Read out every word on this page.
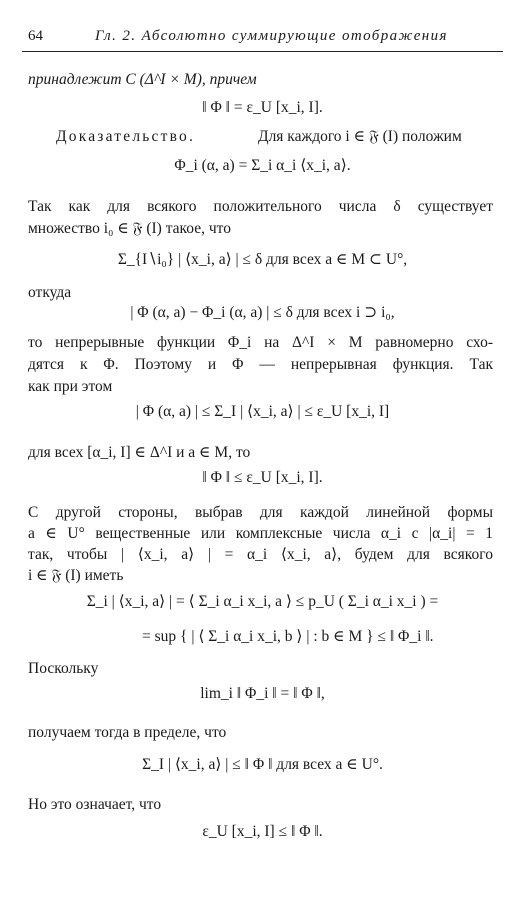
64	Гл. 2. Абсолютно суммирующие отображения
принадлежит C (Δ^I × M), причем
‖ Φ ‖ = ε_U [x_i, I].
Доказательство.	Для каждого i ∈ 𝔉 (I) положим
Φ_i (α, a) = Σ_i α_i ⟨x_i, a⟩.
Так как для всякого положительного числа δ существует
множество i₀ ∈ 𝔉 (I) такое, что
Σ_{I∖i₀} | ⟨x_i, a⟩ | ≤ δ для всех a ∈ M ⊂ U°,
откуда
| Φ (α, a) − Φ_i (α, a) | ≤ δ для всех i ⊃ i₀,
то непрерывные функции Φ_i на Δ^I × M равномерно схо-
дятся к Φ. Поэтому и Φ — непрерывная функция. Так
как при этом
| Φ (α, a) | ≤ Σ_I | ⟨x_i, a⟩ | ≤ ε_U [x_i, I]
для всех [α_i, I] ∈ Δ^I и a ∈ M, то
‖ Φ ‖ ≤ ε_U [x_i, I].
С другой стороны, выбрав для каждой линейной формы
a ∈ U° вещественные или комплексные числа α_i с |α_i| = 1
так, чтобы | ⟨x_i, a⟩ | = α_i ⟨x_i, a⟩, будем для всякого
i ∈ 𝔉 (I) иметь
Σ_i | ⟨x_i, a⟩ | = ⟨ Σ_i α_i x_i, a ⟩ ≤ p_U ( Σ_i α_i x_i ) =
= sup { | ⟨ Σ_i α_i x_i, b ⟩ | : b ∈ M } ≤ ‖ Φ_i ‖.
Поскольку
lim_i ‖ Φ_i ‖ = ‖ Φ ‖,
получаем тогда в пределе, что
Σ_I | ⟨x_i, a⟩ | ≤ ‖ Φ ‖ для всех a ∈ U°.
Но это означает, что
ε_U [x_i, I] ≤ ‖ Φ ‖.
